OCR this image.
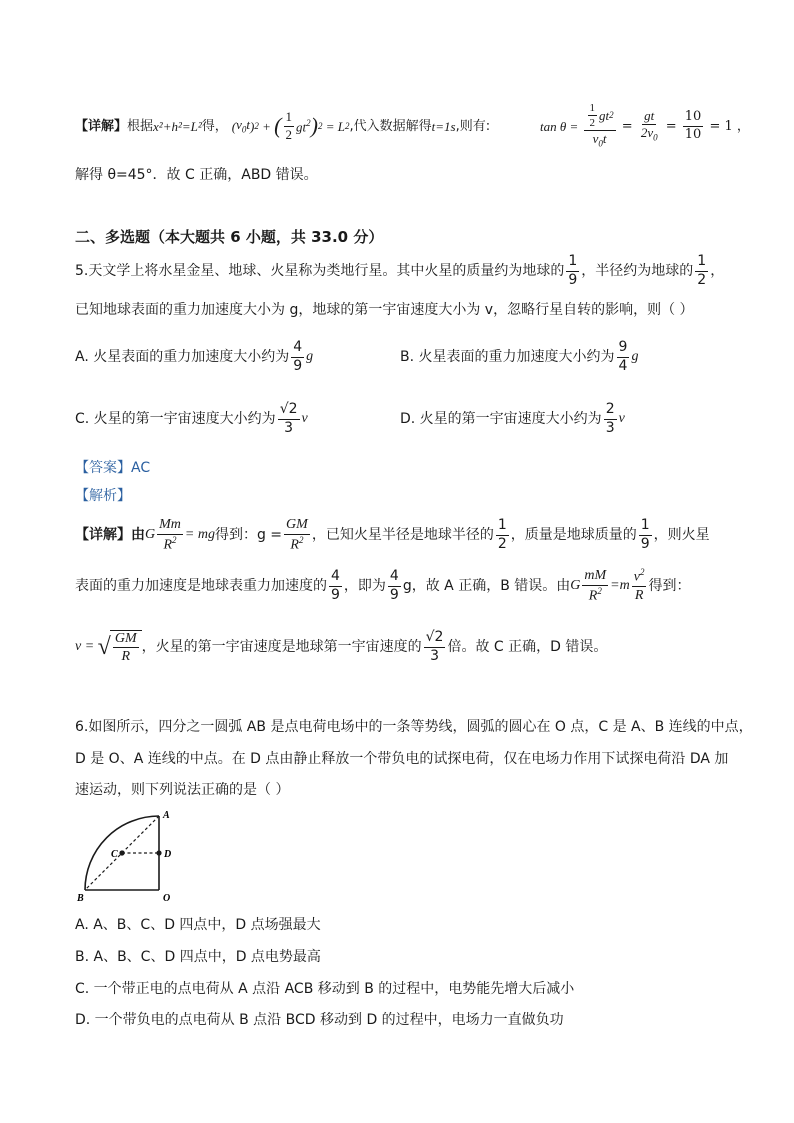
【详解】 根据 x²+h²=L² 得， ( $v_0t$ ) 2 + ( $\frac{1}{2} gt^2$ ) 2 = L 2 ,代入数据解得 t=1s ,则有:	$\tan \theta = \frac{\frac{1}{2} gt 2}{v_0t} = \frac{gt}{2v_0} = \frac{10}{10} = 1$ ，
解得 θ=45°．故 C 正确，ABD 错误。
二、多选题（本大题共 6 小题，共 33.0 分）
5.天文学上将水星金星、地球、火星称为类地行星。其中火星的质量约为地球的 $\frac{1}{9}$ ，半径约为地球的 $\frac{1}{2}$ ，
已知地球表面的重力加速度大小为 g，地球的第一宇宙速度大小为 v，忽略行星自转的影响，则（ ）
A. 火星表面的重力加速度大小约为 $\frac{4}{9}$ g	B. 火星表面的重力加速度大小约为 $\frac{9}{4}$ g
C. 火星的第一宇宙速度大小约为 $\frac{√2}{3}$ v	D. 火星的第一宇宙速度大小约为 $\frac{2}{3}$ v
【答案】AC
【解析】
【详解】由 G $\frac{Mm}{R^2}$ = mg 得到：$g = \frac{GM}{R^2}$ ，已知火星半径是地球半径的 $\frac{1}{2}$ ，质量是地球质量的 $\frac{1}{9}$ ，则火星
表面的重力加速度是地球表重力加速度的 $\frac{4}{9}$ ，即为 $\frac{4}{9}$ g，故 A 正确，B 错误。由 G $\frac{mM}{R^2} =m \frac{v^2}{R}$ 得到：
v = √ $\frac{GM}{R}$ ，火星的第一宇宙速度是地球第一宇宙速度的 $\frac{√2}{3}$ 倍。故 C 正确，D 错误。
6.如图所示，四分之一圆弧 AB 是点电荷电场中的一条等势线，圆弧的圆心在 O 点，C 是 A、B 连线的中点，
D 是 O、A 连线的中点。在 D 点由静止释放一个带负电的试探电荷，仅在电场力作用下试探电荷沿 DA 加
速运动，则下列说法正确的是（ ）
A
C	D
B	O
A. A、B、C、D 四点中，D 点场强最大
B. A、B、C、D 四点中，D 点电势最高
C. 一个带正电的点电荷从 A 点沿 ACB 移动到 B 的过程中，电势能先增大后减小
D. 一个带负电的点电荷从 B 点沿 BCD 移动到 D 的过程中，电场力一直做负功
